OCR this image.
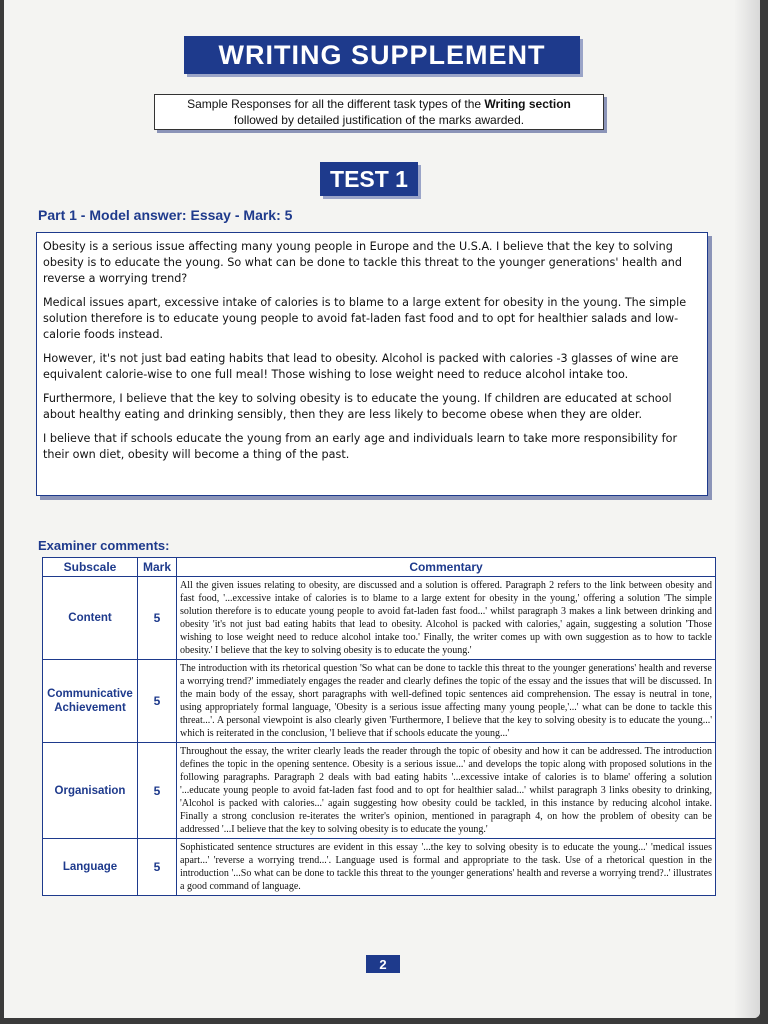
WRITING SUPPLEMENT
Sample Responses for all the different task types of the Writing section
followed by detailed justification of the marks awarded.
TEST 1
Part 1 - Model answer: Essay - Mark: 5

Obesity is a serious issue affecting many young people in Europe and the U.S.A. I believe that the key to solving obesity is to educate the young. So what can be done to tackle this threat to the younger generations' health and reverse a worrying trend?

Medical issues apart, excessive intake of calories is to blame to a large extent for obesity in the young. The simple solution therefore is to educate young people to avoid fat-laden fast food and to opt for healthier salads and low-calorie foods instead.

However, it's not just bad eating habits that lead to obesity. Alcohol is packed with calories -3 glasses of wine are equivalent calorie-wise to one full meal! Those wishing to lose weight need to reduce alcohol intake too.

Furthermore, I believe that the key to solving obesity is to educate the young. If children are educated at school about healthy eating and drinking sensibly, then they are less likely to become obese when they are older.

I believe that if schools educate the young from an early age and individuals learn to take more responsibility for their own diet, obesity will become a thing of the past.

Examiner comments:
Subscale	Mark	Commentary
Content	5	All the given issues relating to obesity, are discussed and a solution is offered. Paragraph 2 refers to the link between obesity and fast food, '...excessive intake of calories is to blame to a large extent for obesity in the young,' offering a solution 'The simple solution therefore is to educate young people to avoid fat-laden fast food...' whilst paragraph 3 makes a link between drinking and obesity 'it's not just bad eating habits that lead to obesity. Alcohol is packed with calories,' again, suggesting a solution 'Those wishing to lose weight need to reduce alcohol intake too.' Finally, the writer comes up with own suggestion as to how to tackle obesity.' I believe that the key to solving obesity is to educate the young.'
Communicative Achievement	5	The introduction with its rhetorical question 'So what can be done to tackle this threat to the younger generations' health and reverse a worrying trend?' immediately engages the reader and clearly defines the topic of the essay and the issues that will be discussed. In the main body of the essay, short paragraphs with well-defined topic sentences aid comprehension. The essay is neutral in tone, using appropriately formal language, 'Obesity is a serious issue affecting many young people,'...' what can be done to tackle this threat...'. A personal viewpoint is also clearly given 'Furthermore, I believe that the key to solving obesity is to educate the young...' which is reiterated in the conclusion, 'I believe that if schools educate the young...'
Organisation	5	Throughout the essay, the writer clearly leads the reader through the topic of obesity and how it can be addressed. The introduction defines the topic in the opening sentence. Obesity is a serious issue...' and develops the topic along with proposed solutions in the following paragraphs. Paragraph 2 deals with bad eating habits '...excessive intake of calories is to blame' offering a solution '...educate young people to avoid fat-laden fast food and to opt for healthier salad...' whilst paragraph 3 links obesity to drinking, 'Alcohol is packed with calories...' again suggesting how obesity could be tackled, in this instance by reducing alcohol intake. Finally a strong conclusion re-iterates the writer's opinion, mentioned in paragraph 4, on how the problem of obesity can be addressed '...I believe that the key to solving obesity is to educate the young.'
Language	5	Sophisticated sentence structures are evident in this essay '...the key to solving obesity is to educate the young...' 'medical issues apart...' 'reverse a worrying trend...'. Language used is formal and appropriate to the task. Use of a rhetorical question in the introduction '...So what can be done to tackle this threat to the younger generations' health and reverse a worrying trend?..' illustrates a good command of language.
2
